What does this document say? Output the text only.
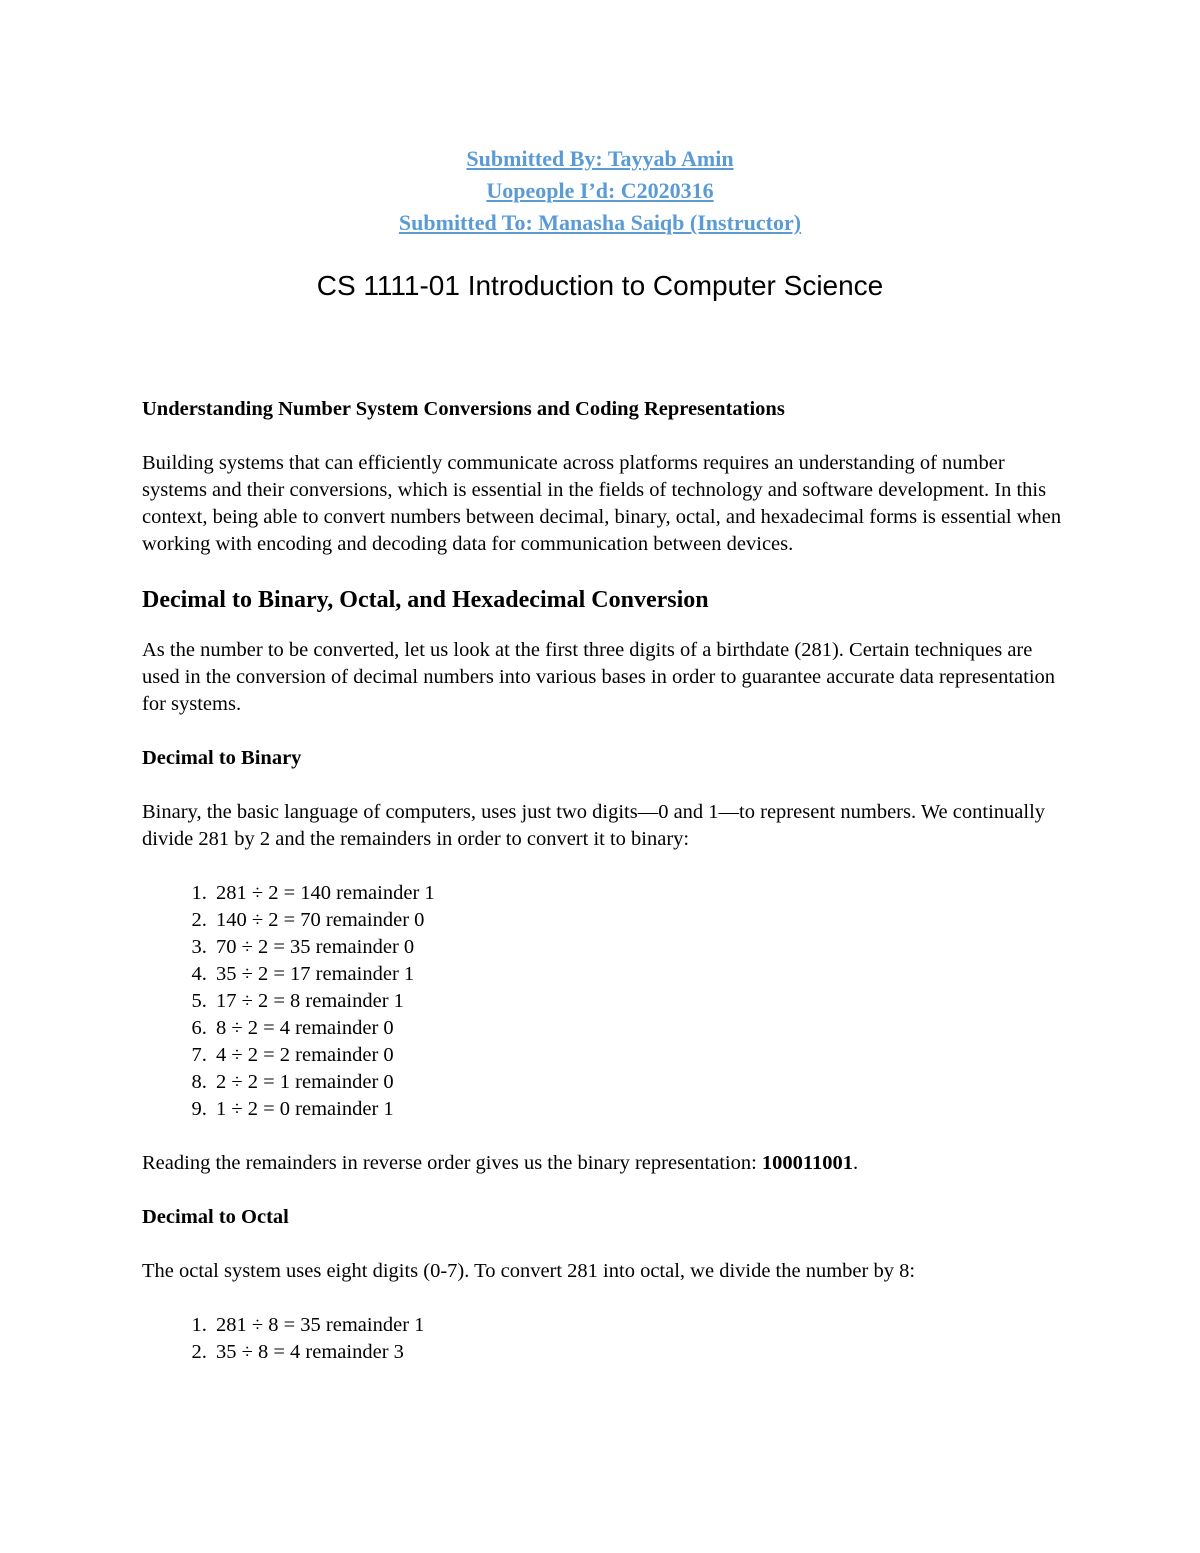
Submitted By: Tayyab Amin
Uopeople I’d: C2020316
Submitted To: Manasha Saiqb (Instructor)
CS 1111-01 Introduction to Computer Science
Understanding Number System Conversions and Coding Representations

Building systems that can efficiently communicate across platforms requires an understanding of number systems and their conversions, which is essential in the fields of technology and software development. In this context, being able to convert numbers between decimal, binary, octal, and hexadecimal forms is essential when working with encoding and decoding data for communication between devices.

Decimal to Binary, Octal, and Hexadecimal Conversion

As the number to be converted, let us look at the first three digits of a birthdate (281). Certain techniques are used in the conversion of decimal numbers into various bases in order to guarantee accurate data representation for systems.

Decimal to Binary

Binary, the basic language of computers, uses just two digits—0 and 1—to represent numbers. We continually divide 281 by 2 and the remainders in order to convert it to binary:

1. 281 ÷ 2 = 140 remainder 1
2. 140 ÷ 2 = 70 remainder 0
3. 70 ÷ 2 = 35 remainder 0
4. 35 ÷ 2 = 17 remainder 1
5. 17 ÷ 2 = 8 remainder 1
6. 8 ÷ 2 = 4 remainder 0
7. 4 ÷ 2 = 2 remainder 0
8. 2 ÷ 2 = 1 remainder 0
9. 1 ÷ 2 = 0 remainder 1

Reading the remainders in reverse order gives us the binary representation: 100011001.

Decimal to Octal

The octal system uses eight digits (0-7). To convert 281 into octal, we divide the number by 8:

1. 281 ÷ 8 = 35 remainder 1
2. 35 ÷ 8 = 4 remainder 3
